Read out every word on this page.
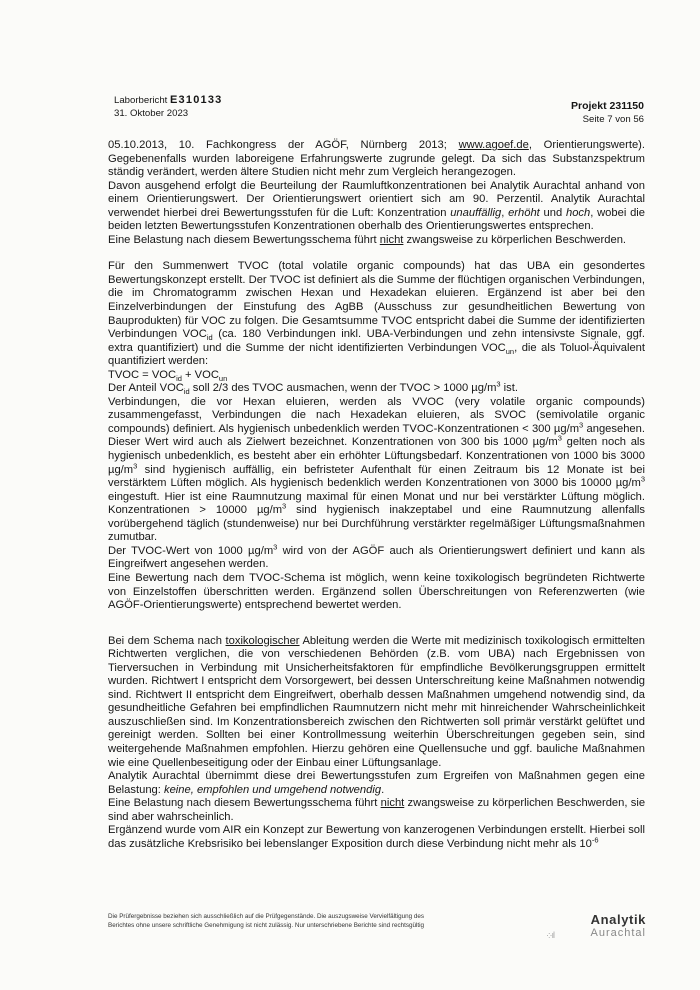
Laborbericht E310133
31. Oktober 2023
Projekt 231150
Seite 7 von 56

05.10.2013, 10. Fachkongress der AGÖF, Nürnberg 2013; www.agoef.de, Orientierungswerte). Gegebenenfalls wurden laboreigene Erfahrungswerte zugrunde gelegt. Da sich das Substanzspektrum ständig verändert, werden ältere Studien nicht mehr zum Vergleich herangezogen.

Davon ausgehend erfolgt die Beurteilung der Raumluftkonzentrationen bei Analytik Aurachtal anhand von einem Orientierungswert. Der Orientierungswert orientiert sich am 90. Perzentil. Analytik Aurachtal verwendet hierbei drei Bewertungsstufen für die Luft: Konzentration unauffällig, erhöht und hoch, wobei die beiden letzten Bewertungsstufen Konzentrationen oberhalb des Orientierungswertes entsprechen.

Eine Belastung nach diesem Bewertungsschema führt nicht zwangsweise zu körperlichen Beschwerden.

Für den Summenwert TVOC (total volatile organic compounds) hat das UBA ein gesondertes Bewertungskonzept erstellt. Der TVOC ist definiert als die Summe der flüchtigen organischen Verbindungen, die im Chromatogramm zwischen Hexan und Hexadekan eluieren. Ergänzend ist aber bei den Einzelverbindungen der Einstufung des AgBB (Ausschuss zur gesundheitlichen Bewertung von Bauprodukten) für VOC zu folgen. Die Gesamtsumme TVOC entspricht dabei die Summe der identifizierten Verbindungen $VOC_{id}$ (ca. 180 Verbindungen inkl. UBA-Verbindungen und zehn intensivste Signale, ggf. extra quantifiziert) und die Summe der nicht identifizierten Verbindungen $VOC_{un}$, die als Toluol-Äquivalent quantifiziert werden:

TVOC = $VOC_{id} + VOC_{un}$

Der Anteil $VOC_{id}$ soll 2/3 des TVOC ausmachen, wenn der TVOC > 1000 $\mu g/m^3$ ist.

Verbindungen, die vor Hexan eluieren, werden als VVOC (very volatile organic compounds) zusammengefasst, Verbindungen die nach Hexadekan eluieren, als SVOC (semivolatile organic compounds) definiert. Als hygienisch unbedenklich werden TVOC-Konzentrationen < 300 $\mu g/m^3$ angesehen. Dieser Wert wird auch als Zielwert bezeichnet. Konzentrationen von 300 bis 1000 $\mu g/m^3$ gelten noch als hygienisch unbedenklich, es besteht aber ein erhöhter Lüftungsbedarf. Konzentrationen von 1000 bis 3000 $\mu g/m^3$ sind hygienisch auffällig, ein befristeter Aufenthalt für einen Zeitraum bis 12 Monate ist bei verstärktem Lüften möglich. Als hygienisch bedenklich werden Konzentrationen von 3000 bis 10000 $\mu g/m^3$ eingestuft. Hier ist eine Raumnutzung maximal für einen Monat und nur bei verstärkter Lüftung möglich. Konzentrationen > 10000 $\mu g/m^3$ sind hygienisch inakzeptabel und eine Raumnutzung allenfalls vorübergehend täglich (stundenweise) nur bei Durchführung verstärkter regelmäßiger Lüftungsmaßnahmen zumutbar.

Der TVOC-Wert von 1000 $\mu g/m^3$ wird von der AGÖF auch als Orientierungswert definiert und kann als Eingreifwert angesehen werden.

Eine Bewertung nach dem TVOC-Schema ist möglich, wenn keine toxikologisch begründeten Richtwerte von Einzelstoffen überschritten werden. Ergänzend sollen Überschreitungen von Referenzwerten (wie AGÖF-Orientierungswerte) entsprechend bewertet werden.

Bei dem Schema nach toxikologischer Ableitung werden die Werte mit medizinisch toxikologisch ermittelten Richtwerten verglichen, die von verschiedenen Behörden (z.B. vom UBA) nach Ergebnissen von Tierversuchen in Verbindung mit Unsicherheitsfaktoren für empfindliche Bevölkerungsgruppen ermittelt wurden. Richtwert I entspricht dem Vorsorgewert, bei dessen Unterschreitung keine Maßnahmen notwendig sind. Richtwert II entspricht dem Eingreifwert, oberhalb dessen Maßnahmen umgehend notwendig sind, da gesundheitliche Gefahren bei empfindlichen Raumnutzern nicht mehr mit hinreichender Wahrscheinlichkeit auszuschließen sind. Im Konzentrationsbereich zwischen den Richtwerten soll primär verstärkt gelüftet und gereinigt werden. Sollten bei einer Kontrollmessung weiterhin Überschreitungen gegeben sein, sind weitergehende Maßnahmen empfohlen. Hierzu gehören eine Quellensuche und ggf. bauliche Maßnahmen wie eine Quellenbeseitigung oder der Einbau einer Lüftungsanlage.

Analytik Aurachtal übernimmt diese drei Bewertungsstufen zum Ergreifen von Maßnahmen gegen eine Belastung: keine, empfohlen und umgehend notwendig.

Eine Belastung nach diesem Bewertungsschema führt nicht zwangsweise zu körperlichen Beschwerden, sie sind aber wahrscheinlich.

Ergänzend wurde vom AIR ein Konzept zur Bewertung von kanzerogenen Verbindungen erstellt. Hierbei soll das zusätzliche Krebsrisiko bei lebenslanger Exposition durch diese Verbindung nicht mehr als $10^{-6}$

Die Prüfergebnisse beziehen sich ausschließlich auf die Prüfgegenstände. Die auszugsweise Vervielfältigung des
Berichtes ohne unsere schriftliche Genehmigung ist nicht zulässig. Nur unterschriebene Berichte sind rechtsgültig
·:·ıl
Analytik
Aurachtal
